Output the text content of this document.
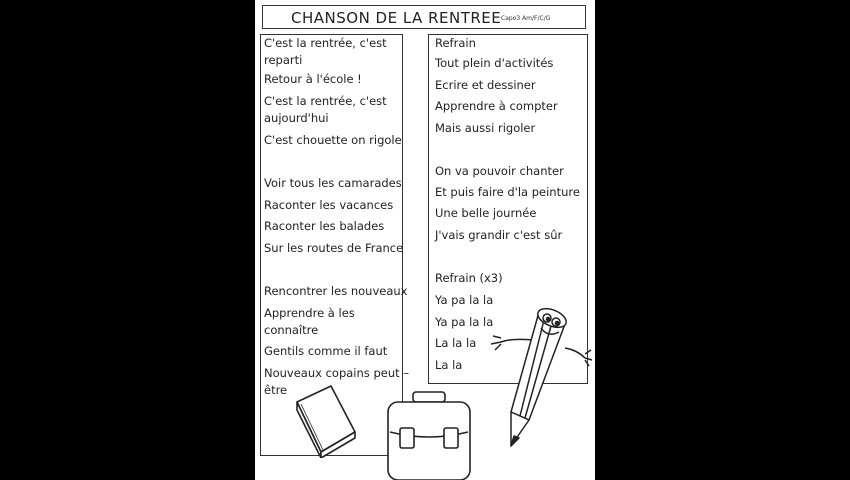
CHANSON DE LA RENTREE Capo3 Am/F/C/G
C'est la rentrée, c'est reparti
Retour à l'école !
C'est la rentrée, c'est aujourd'hui
C'est chouette on rigole
Voir tous les camarades
Raconter les vacances
Raconter les balades
Sur les routes de France
Rencontrer les nouveaux
Apprendre à les connaître
Gentils comme il faut
Nouveaux copains peut – être
Refrain
Tout plein d'activités
Ecrire et dessiner
Apprendre à compter
Mais aussi rigoler
On va pouvoir chanter
Et puis faire d'la peinture
Une belle journée
J'vais grandir c'est sûr
Refrain (x3)
Ya pa la la
Ya pa la la
La la la
La la
